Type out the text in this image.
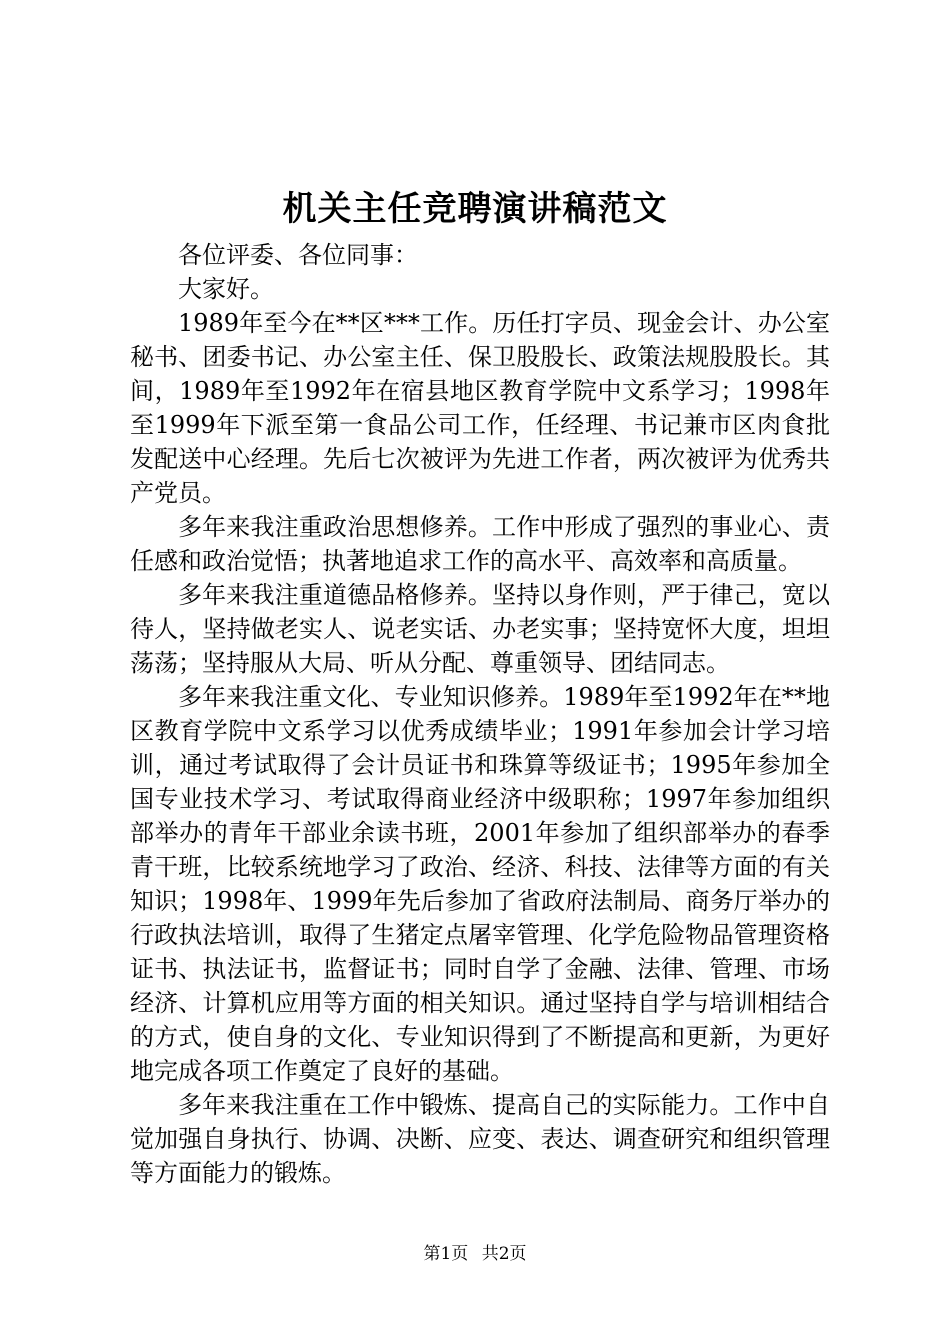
机关主任竞聘演讲稿范文

各位评委、各位同事：

大家好。

1989年至今在**区***工作。历任打字员、现金会计、办公室秘书、团委书记、办公室主任、保卫股股长、政策法规股股长。其间，1989年至1992年在宿县地区教育学院中文系学习；1998年至1999年下派至第一食品公司工作，任经理、书记兼市区肉食批发配送中心经理。先后七次被评为先进工作者，两次被评为优秀共产党员。

多年来我注重政治思想修养。工作中形成了强烈的事业心、责任感和政治觉悟；执著地追求工作的高水平、高效率和高质量。

多年来我注重道德品格修养。坚持以身作则，严于律己，宽以待人，坚持做老实人、说老实话、办老实事；坚持宽怀大度，坦坦荡荡；坚持服从大局、听从分配、尊重领导、团结同志。

多年来我注重文化、专业知识修养。1989年至1992年在**地区教育学院中文系学习以优秀成绩毕业；1991年参加会计学习培训，通过考试取得了会计员证书和珠算等级证书；1995年参加全国专业技术学习、考试取得商业经济中级职称；1997年参加组织部举办的青年干部业余读书班，2001年参加了组织部举办的春季青干班，比较系统地学习了政治、经济、科技、法律等方面的有关知识；1998年、1999年先后参加了省政府法制局、商务厅举办的行政执法培训，取得了生猪定点屠宰管理、化学危险物品管理资格证书、执法证书，监督证书；同时自学了金融、法律、管理、市场经济、计算机应用等方面的相关知识。通过坚持自学与培训相结合的方式，使自身的文化、专业知识得到了不断提高和更新，为更好地完成各项工作奠定了良好的基础。

多年来我注重在工作中锻炼、提高自己的实际能力。工作中自觉加强自身执行、协调、决断、应变、表达、调查研究和组织管理等方面能力的锻炼。

第1页 共2页
